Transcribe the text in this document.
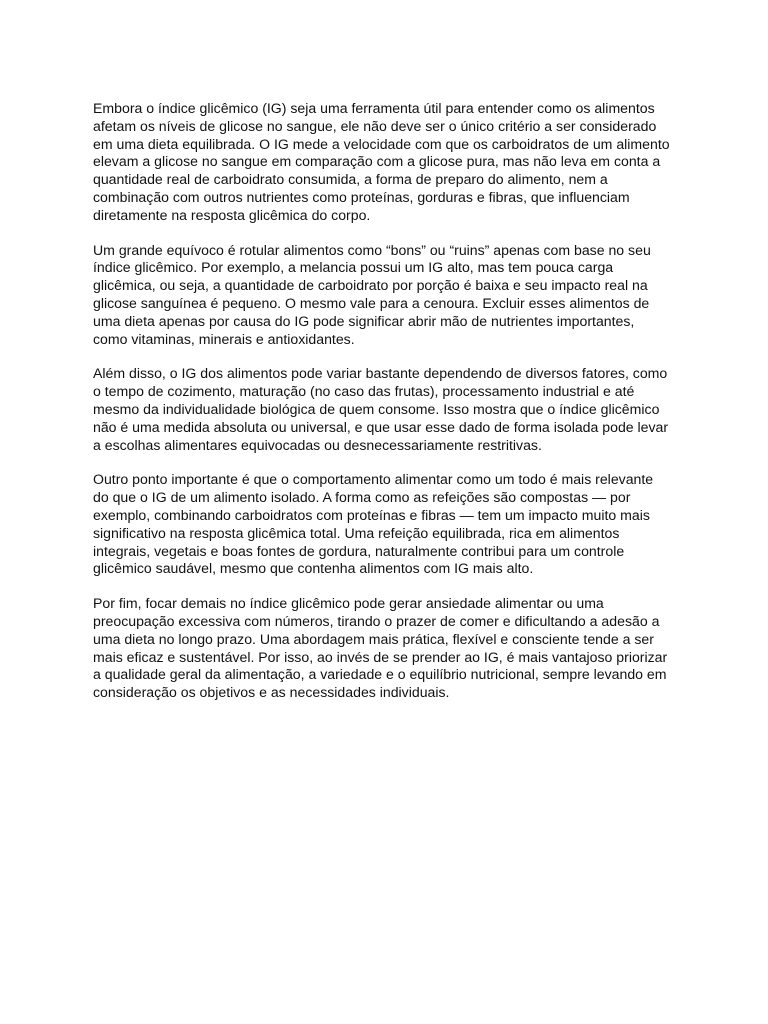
Embora o índice glicêmico (IG) seja uma ferramenta útil para entender como os alimentos
afetam os níveis de glicose no sangue, ele não deve ser o único critério a ser considerado
em uma dieta equilibrada. O IG mede a velocidade com que os carboidratos de um alimento
elevam a glicose no sangue em comparação com a glicose pura, mas não leva em conta a
quantidade real de carboidrato consumida, a forma de preparo do alimento, nem a
combinação com outros nutrientes como proteínas, gorduras e fibras, que influenciam
diretamente na resposta glicêmica do corpo.

Um grande equívoco é rotular alimentos como “bons” ou “ruins” apenas com base no seu
índice glicêmico. Por exemplo, a melancia possui um IG alto, mas tem pouca carga
glicêmica, ou seja, a quantidade de carboidrato por porção é baixa e seu impacto real na
glicose sanguínea é pequeno. O mesmo vale para a cenoura. Excluir esses alimentos de
uma dieta apenas por causa do IG pode significar abrir mão de nutrientes importantes,
como vitaminas, minerais e antioxidantes.

Além disso, o IG dos alimentos pode variar bastante dependendo de diversos fatores, como
o tempo de cozimento, maturação (no caso das frutas), processamento industrial e até
mesmo da individualidade biológica de quem consome. Isso mostra que o índice glicêmico
não é uma medida absoluta ou universal, e que usar esse dado de forma isolada pode levar
a escolhas alimentares equivocadas ou desnecessariamente restritivas.

Outro ponto importante é que o comportamento alimentar como um todo é mais relevante
do que o IG de um alimento isolado. A forma como as refeições são compostas — por
exemplo, combinando carboidratos com proteínas e fibras — tem um impacto muito mais
significativo na resposta glicêmica total. Uma refeição equilibrada, rica em alimentos
integrais, vegetais e boas fontes de gordura, naturalmente contribui para um controle
glicêmico saudável, mesmo que contenha alimentos com IG mais alto.

Por fim, focar demais no índice glicêmico pode gerar ansiedade alimentar ou uma
preocupação excessiva com números, tirando o prazer de comer e dificultando a adesão a
uma dieta no longo prazo. Uma abordagem mais prática, flexível e consciente tende a ser
mais eficaz e sustentável. Por isso, ao invés de se prender ao IG, é mais vantajoso priorizar
a qualidade geral da alimentação, a variedade e o equilíbrio nutricional, sempre levando em
consideração os objetivos e as necessidades individuais.
